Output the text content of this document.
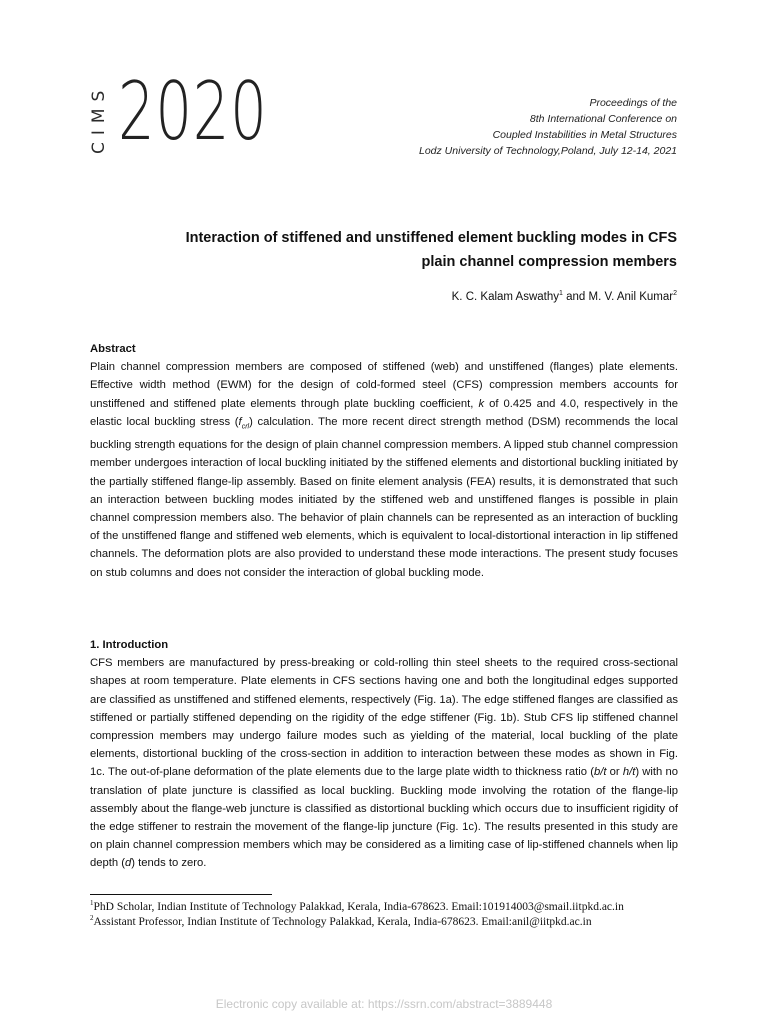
CIMS 2020	Proceedings of the
8th International Conference on
Coupled Instabilities in Metal Structures
Lodz University of Technology,Poland, July 12-14, 2021
Interaction of stiffened and unstiffened element buckling modes in CFS
plain channel compression members
K. C. Kalam Aswathy$^1$ and M. V. Anil Kumar$^2$
Abstract
Plain channel compression members are composed of stiffened (web) and unstiffened (flanges) plate elements. Effective width method (EWM) for the design of cold-formed steel (CFS) compression members accounts for unstiffened and stiffened plate elements through plate buckling coefficient, k of 0.425 and 4.0, respectively in the elastic local buckling stress $(f_{crl})$ calculation. The more recent direct strength method (DSM) recommends the local buckling strength equations for the design of plain channel compression members. A lipped stub channel compression member undergoes interaction of local buckling initiated by the stiffened elements and distortional buckling initiated by the partially stiffened flange-lip assembly. Based on finite element analysis (FEA) results, it is demonstrated that such an interaction between buckling modes initiated by the stiffened web and unstiffened flanges is possible in plain channel compression members also. The behavior of plain channels can be represented as an interaction of buckling of the unstiffened flange and stiffened web elements, which is equivalent to local-distortional interaction in lip stiffened channels. The deformation plots are also provided to understand these mode interactions. The present study focuses on stub columns and does not consider the interaction of global buckling mode.
1. Introduction
CFS members are manufactured by press-breaking or cold-rolling thin steel sheets to the required cross-sectional shapes at room temperature. Plate elements in CFS sections having one and both the longitudinal edges supported are classified as unstiffened and stiffened elements, respectively (Fig. 1a). The edge stiffened flanges are classified as stiffened or partially stiffened depending on the rigidity of the edge stiffener (Fig. 1b). Stub CFS lip stiffened channel compression members may undergo failure modes such as yielding of the material, local buckling of the plate elements, distortional buckling of the cross-section in addition to interaction between these modes as shown in Fig. 1c. The out-of-plane deformation of the plate elements due to the large plate width to thickness ratio (b/t or h/t) with no translation of plate juncture is classified as local buckling. Buckling mode involving the rotation of the flange-lip assembly about the flange-web juncture is classified as distortional buckling which occurs due to insufficient rigidity of the edge stiffener to restrain the movement of the flange-lip juncture (Fig. 1c). The results presented in this study are on plain channel compression members which may be considered as a limiting case of lip-stiffened channels when lip depth (d) tends to zero.
$^1$PhD Scholar, Indian Institute of Technology Palakkad, Kerala, India-678623. Email:101914003@smail.iitpkd.ac.in
$^2$Assistant Professor, Indian Institute of Technology Palakkad, Kerala, India-678623. Email:anil@iitpkd.ac.in
Electronic copy available at: https://ssrn.com/abstract=3889448
